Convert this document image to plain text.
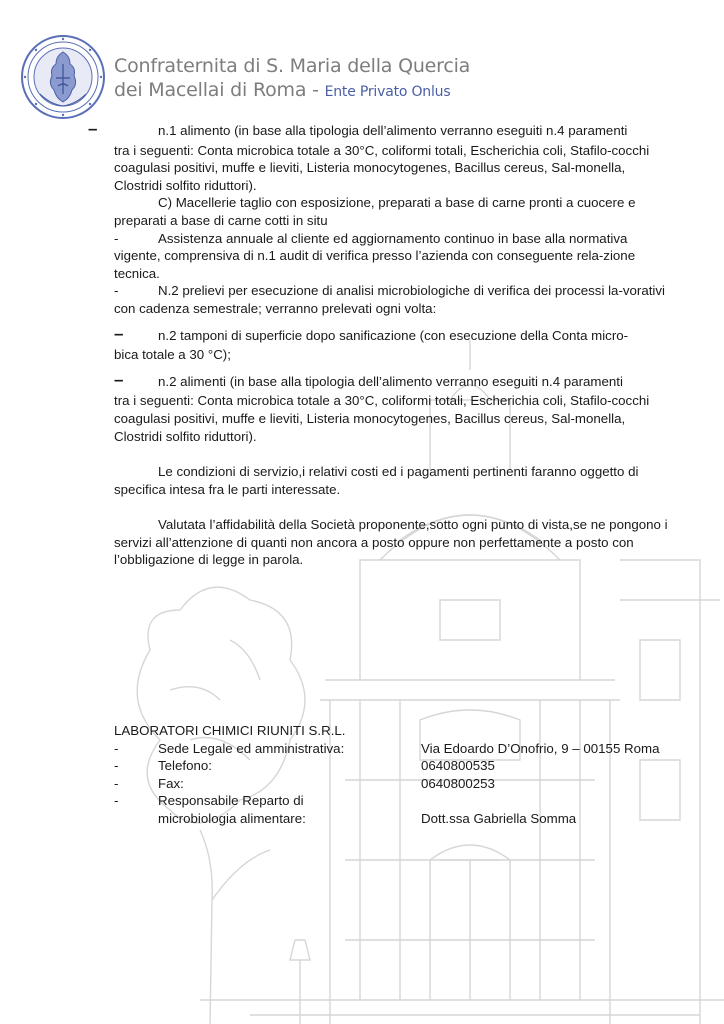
Confraternita di S. Maria della Quercia
dei Macellai di Roma - Ente Privato Onlus
–	n.1 alimento (in base alla tipologia dell’alimento verranno eseguiti n.4 paramenti
tra i seguenti: Conta microbica totale a 30°C, coliformi totali, Escherichia coli, Stafilo-cocchi coagulasi positivi, muffe e lieviti, Listeria monocytogenes, Bacillus cereus, Sal-monella, Clostridi solfito riduttori).
C) Macellerie taglio con esposizione, preparati a base di carne pronti a cuocere e preparati a base di carne cotti in situ
-	Assistenza annuale al cliente ed aggiornamento continuo in base alla normativa vigente, comprensiva di n.1 audit di verifica presso l’azienda con conseguente rela-zione tecnica.
-	N.2 prelievi per esecuzione di analisi microbiologiche di verifica dei processi la-vorativi con cadenza semestrale; verranno prelevati ogni volta:
–	n.2 tamponi di superficie dopo sanificazione (con esecuzione della Conta micro-
bica totale a 30 °C);
–	n.2 alimenti (in base alla tipologia dell’alimento verranno eseguiti n.4 paramenti
tra i seguenti: Conta microbica totale a 30°C, coliformi totali, Escherichia coli, Stafilo-cocchi coagulasi positivi, muffe e lieviti, Listeria monocytogenes, Bacillus cereus, Sal-monella, Clostridi solfito riduttori).
Le condizioni di servizio,i relativi costi ed i pagamenti pertinenti faranno oggetto di specifica intesa fra le parti interessate.
Valutata l’affidabilità della Società proponente,sotto ogni punto di vista,se ne pongono i servizi all’attenzione di quanti non ancora a posto oppure non perfettamente a posto con l’obbligazione di legge in parola.
LABORATORI CHIMICI RIUNITI S.R.L.
-	Sede Legale ed amministrativa:	Via Edoardo D’Onofrio, 9 – 00155 Roma
-	Telefono:	0640800535
-	Fax:	0640800253
-	Responsabile Reparto di
microbiologia alimentare:	Dott.ssa Gabriella Somma
